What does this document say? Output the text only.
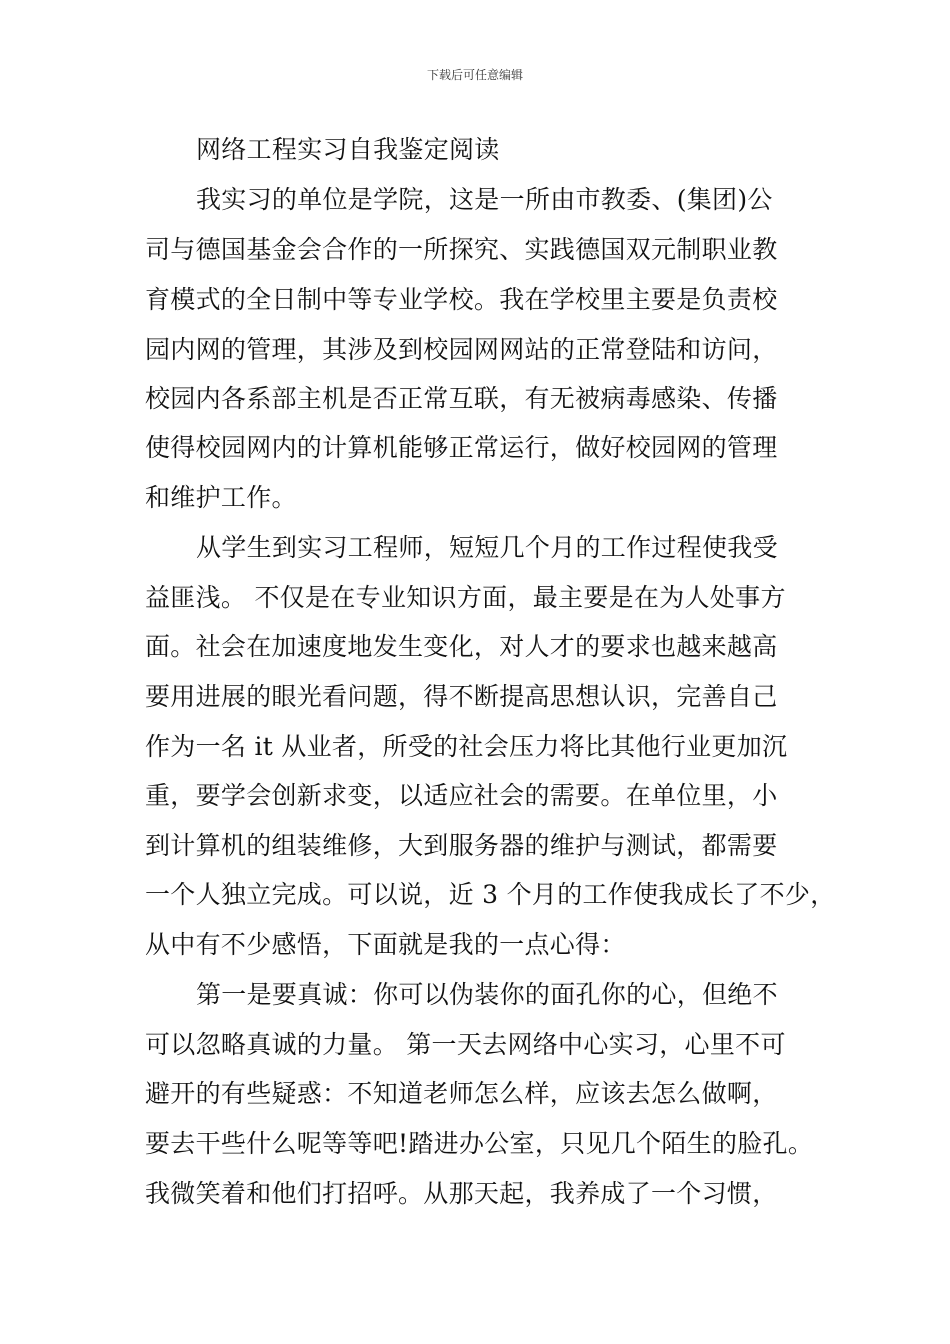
下载后可任意编辑
网络工程实习自我鉴定阅读
我实习的单位是学院，这是一所由市教委、(集团)公
司与德国基金会合作的一所探究、实践德国双元制职业教
育模式的全日制中等专业学校。我在学校里主要是负责校
园内网的管理，其涉及到校园网网站的正常登陆和访问，
校园内各系部主机是否正常互联，有无被病毒感染、传播
使得校园网内的计算机能够正常运行，做好校园网的管理
和维护工作。
从学生到实习工程师，短短几个月的工作过程使我受
益匪浅。 不仅是在专业知识方面，最主要是在为人处事方
面。社会在加速度地发生变化，对人才的要求也越来越高
要用进展的眼光看问题，得不断提高思想认识，完善自己
作为一名 it 从业者，所受的社会压力将比其他行业更加沉
重，要学会创新求变，以适应社会的需要。在单位里，小
到计算机的组装维修，大到服务器的维护与测试，都需要
一个人独立完成。可以说，近 3 个月的工作使我成长了不少，
从中有不少感悟，下面就是我的一点心得：
第一是要真诚：你可以伪装你的面孔你的心，但绝不
可以忽略真诚的力量。 第一天去网络中心实习，心里不可
避开的有些疑惑：不知道老师怎么样，应该去怎么做啊，
要去干些什么呢等等吧!踏进办公室，只见几个陌生的脸孔。
我微笑着和他们打招呼。从那天起，我养成了一个习惯，
